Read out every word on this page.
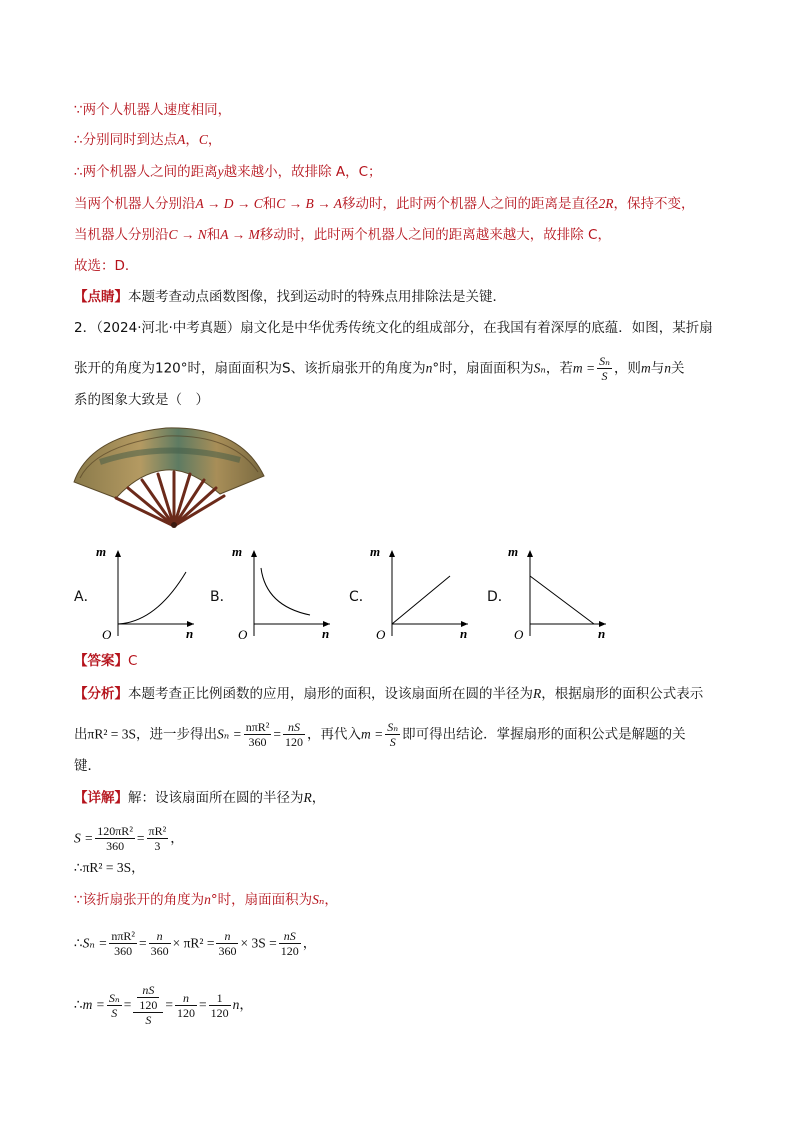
∵两个人机器人速度相同，
∴分别同时到达点A，C，
∴两个机器人之间的距离y越来越小，故排除 A，C；
当两个机器人分别沿A → D → C和C → B → A移动时，此时两个机器人之间的距离是直径2R，保持不变，
当机器人分别沿C → N和A → M移动时，此时两个机器人之间的距离越来越大，故排除 C，
故选：D．
【点睛】本题考查动点函数图像，找到运动时的特殊点用排除法是关键．
2．（2024·河北·中考真题）扇文化是中华优秀传统文化的组成部分，在我国有着深厚的底蕴．如图，某折扇
张开的角度为120°时，扇面面积为S、该折扇张开的角度为n°时，扇面面积为Sₙ，若$m = \frac{\text{Sₙ}}{S}$ ，则m与n关
系的图象大致是（　）
A．
m
n
O
B．
m
n
O
C．
m
n
O
D．
m
n
O
【答案】C
【分析】本题考查正比例函数的应用，扇形的面积，设该扇面所在圆的半径为R，根据扇形的面积公式表示
出πR² = 3S，进一步得出$S_n = \frac{\text{nπR²}}{360} = \frac{nS}{120}$ ，再代入$m = \frac{\text{Sₙ}}{S}$ 即可得出结论．掌握扇形的面积公式是解题的关
键．
【详解】解：设该扇面所在圆的半径为R，
$S = \frac{\text{120πR²}}{360} = \frac{\text{πR²}}{3}$ ，
∴πR² = 3S，
∵该折扇张开的角度为n°时，扇面面积为Sₙ，
∴Sₙ = $\frac{\text{nπR²}}{360} = \frac{n}{360} \times \pi R^2 = \frac{n}{360} \times 3S = \frac{nS}{120}$ ，
∴m = $\frac{\text{Sₙ}}{S} = \frac{\frac{nS}{120}}{S} = \frac{n}{120} = \frac{1}{120}$ n，
